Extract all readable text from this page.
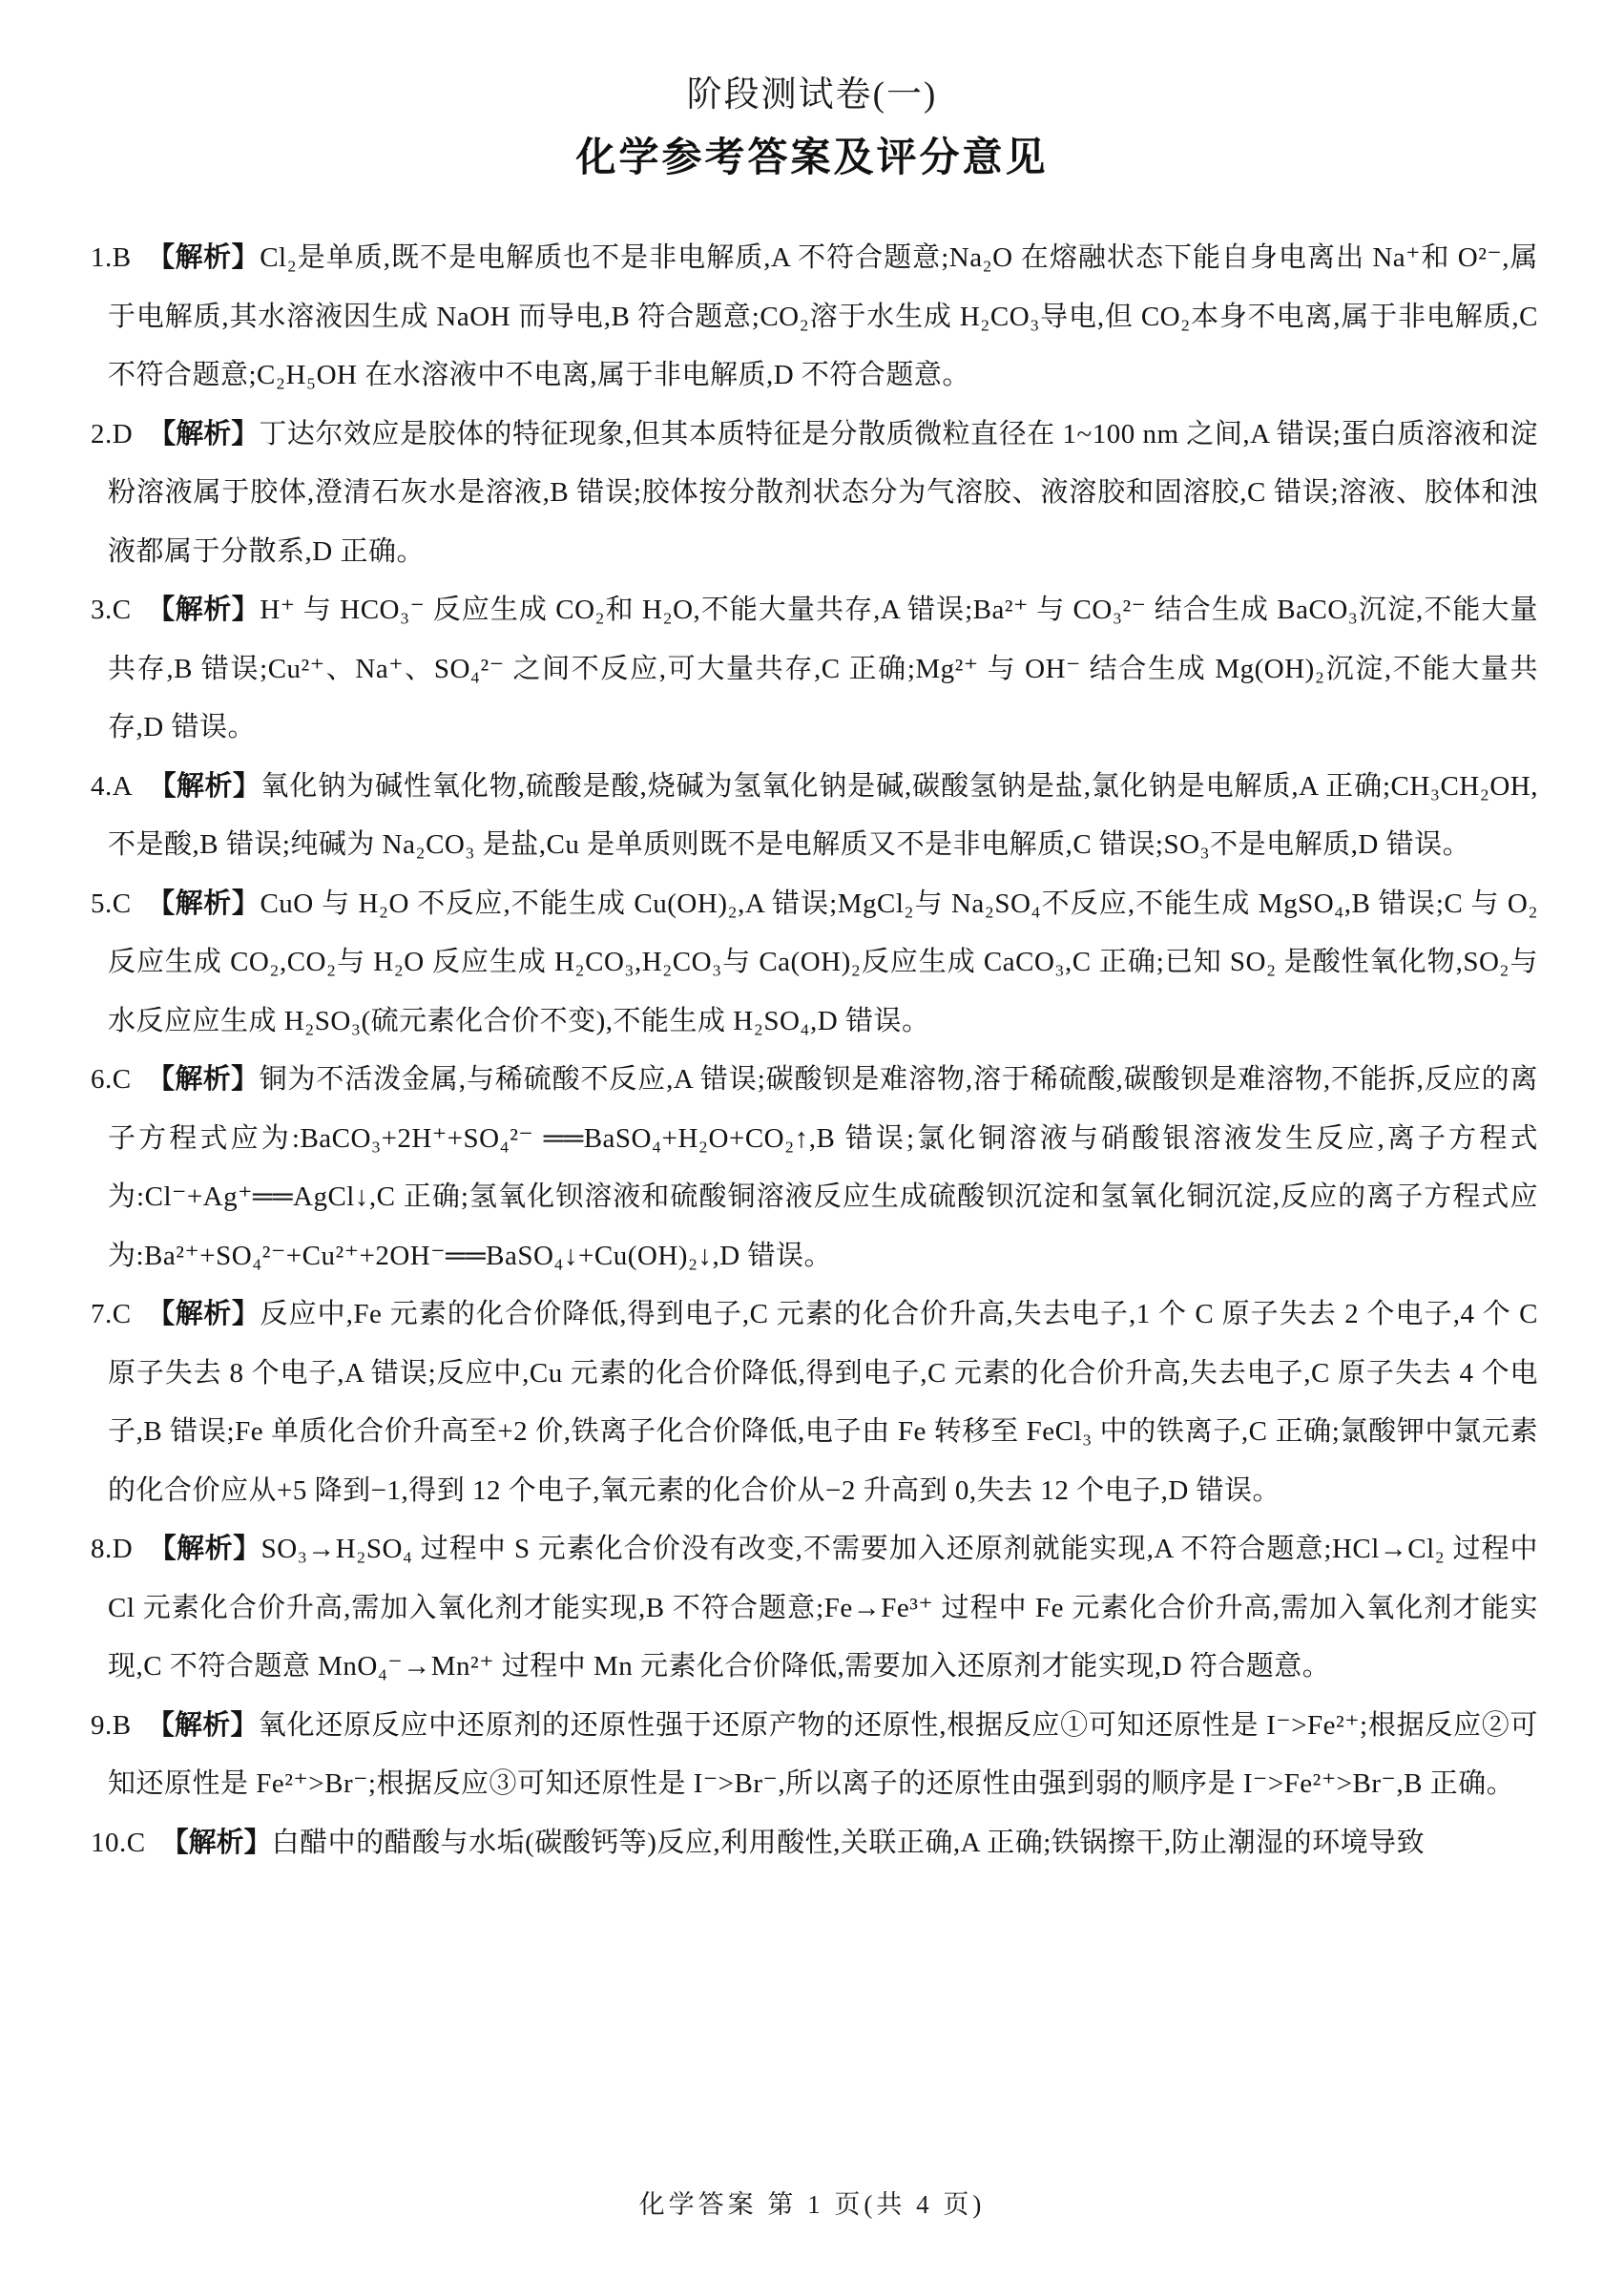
阶段测试卷(一)
化学参考答案及评分意见

1.B 【解析】Cl₂是单质,既不是电解质也不是非电解质,A 不符合题意;Na₂O 在熔融状态下能自身电离出 Na⁺和 O²⁻,属于电解质,其水溶液因生成 NaOH 而导电,B 符合题意;CO₂溶于水生成 H₂CO₃导电,但 CO₂本身不电离,属于非电解质,C 不符合题意;C₂H₅OH 在水溶液中不电离,属于非电解质,D 不符合题意。

2.D 【解析】丁达尔效应是胶体的特征现象,但其本质特征是分散质微粒直径在 1~100 nm 之间,A 错误;蛋白质溶液和淀粉溶液属于胶体,澄清石灰水是溶液,B 错误;胶体按分散剂状态分为气溶胶、液溶胶和固溶胶,C 错误;溶液、胶体和浊液都属于分散系,D 正确。

3.C 【解析】H⁺ 与 HCO₃⁻ 反应生成 CO₂和 H₂O,不能大量共存,A 错误;Ba²⁺ 与 CO₃²⁻ 结合生成 BaCO₃沉淀,不能大量共存,B 错误;Cu²⁺、Na⁺、SO₄²⁻ 之间不反应,可大量共存,C 正确;Mg²⁺ 与 OH⁻ 结合生成 Mg(OH)₂沉淀,不能大量共存,D 错误。

4.A 【解析】氧化钠为碱性氧化物,硫酸是酸,烧碱为氢氧化钠是碱,碳酸氢钠是盐,氯化钠是电解质,A 正确;CH₃CH₂OH,不是酸,B 错误;纯碱为 Na₂CO₃ 是盐,Cu 是单质则既不是电解质又不是非电解质,C 错误;SO₃不是电解质,D 错误。

5.C 【解析】CuO 与 H₂O 不反应,不能生成 Cu(OH)₂,A 错误;MgCl₂与 Na₂SO₄不反应,不能生成 MgSO₄,B 错误;C 与 O₂反应生成 CO₂,CO₂与 H₂O 反应生成 H₂CO₃,H₂CO₃与 Ca(OH)₂反应生成 CaCO₃,C 正确;已知 SO₂ 是酸性氧化物,SO₂与水反应应生成 H₂SO₃(硫元素化合价不变),不能生成 H₂SO₄,D 错误。

6.C 【解析】铜为不活泼金属,与稀硫酸不反应,A 错误;碳酸钡是难溶物,溶于稀硫酸,碳酸钡是难溶物,不能拆,反应的离子方程式应为:BaCO₃+2H⁺+SO₄²⁻ ══BaSO₄+H₂O+CO₂↑,B 错误;氯化铜溶液与硝酸银溶液发生反应,离子方程式为:Cl⁻+Ag⁺══AgCl↓,C 正确;氢氧化钡溶液和硫酸铜溶液反应生成硫酸钡沉淀和氢氧化铜沉淀,反应的离子方程式应为:Ba²⁺+SO₄²⁻+Cu²⁺+2OH⁻══BaSO₄↓+Cu(OH)₂↓,D 错误。

7.C 【解析】反应中,Fe 元素的化合价降低,得到电子,C 元素的化合价升高,失去电子,1 个 C 原子失去 2 个电子,4 个 C 原子失去 8 个电子,A 错误;反应中,Cu 元素的化合价降低,得到电子,C 元素的化合价升高,失去电子,C 原子失去 4 个电子,B 错误;Fe 单质化合价升高至+2 价,铁离子化合价降低,电子由 Fe 转移至 FeCl₃ 中的铁离子,C 正确;氯酸钾中氯元素的化合价应从+5 降到−1,得到 12 个电子,氧元素的化合价从−2 升高到 0,失去 12 个电子,D 错误。

8.D 【解析】SO₃→H₂SO₄ 过程中 S 元素化合价没有改变,不需要加入还原剂就能实现,A 不符合题意;HCl→Cl₂ 过程中 Cl 元素化合价升高,需加入氧化剂才能实现,B 不符合题意;Fe→Fe³⁺ 过程中 Fe 元素化合价升高,需加入氧化剂才能实现,C 不符合题意 MnO₄⁻→Mn²⁺ 过程中 Mn 元素化合价降低,需要加入还原剂才能实现,D 符合题意。

9.B 【解析】氧化还原反应中还原剂的还原性强于还原产物的还原性,根据反应①可知还原性是 I⁻>Fe²⁺;根据反应②可知还原性是 Fe²⁺>Br⁻;根据反应③可知还原性是 I⁻>Br⁻,所以离子的还原性由强到弱的顺序是 I⁻>Fe²⁺>Br⁻,B 正确。

10.C 【解析】白醋中的醋酸与水垢(碳酸钙等)反应,利用酸性,关联正确,A 正确;铁锅擦干,防止潮湿的环境导致

化学答案 第 1 页(共 4 页)
